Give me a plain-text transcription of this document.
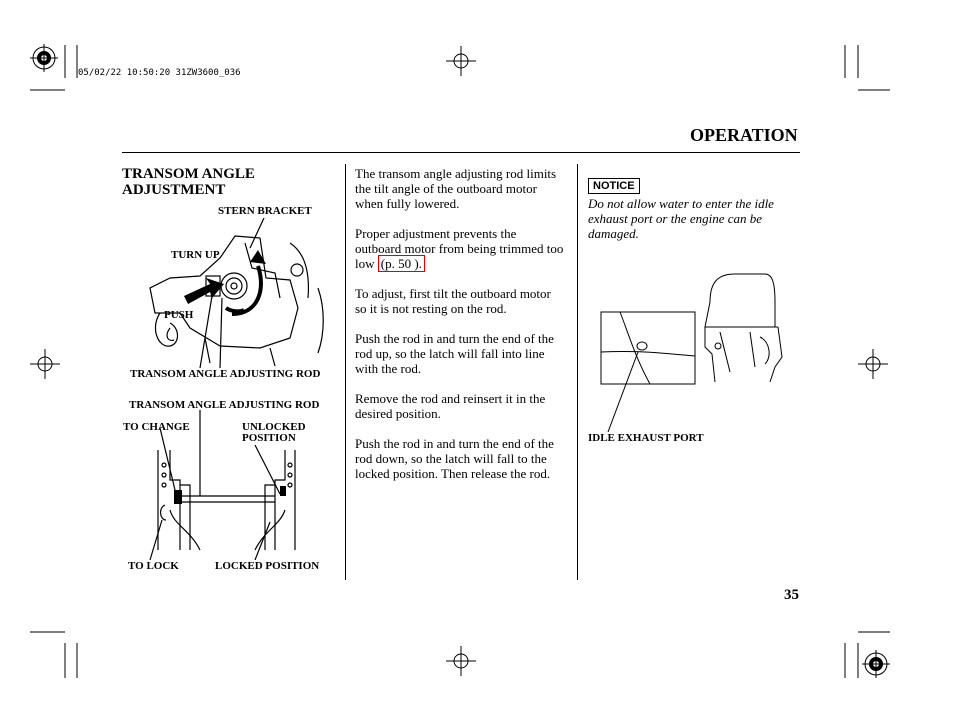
05/02/22 10:50:20 31ZW3600_036
OPERATION
TRANSOM ANGLE
ADJUSTMENT
STERN BRACKET
TURN UP
PUSH
TRANSOM ANGLE ADJUSTING ROD
TRANSOM ANGLE ADJUSTING ROD
TO CHANGE	UNLOCKED
POSITION
TO LOCK	LOCKED POSITION

The transom angle adjusting rod limits the tilt angle of the outboard motor when fully lowered.

Proper adjustment prevents the outboard motor from being trimmed too low (p. 50 ).

To adjust, first tilt the outboard motor so it is not resting on the rod.

Push the rod in and turn the end of the rod up, so the latch will fall into line with the rod.

Remove the rod and reinsert it in the desired position.

Push the rod in and turn the end of the rod down, so the latch will fall to the locked position. Then release the rod.

NOTICE
Do not allow water to enter the idle exhaust port or the engine can be damaged.
IDLE EXHAUST PORT
35
